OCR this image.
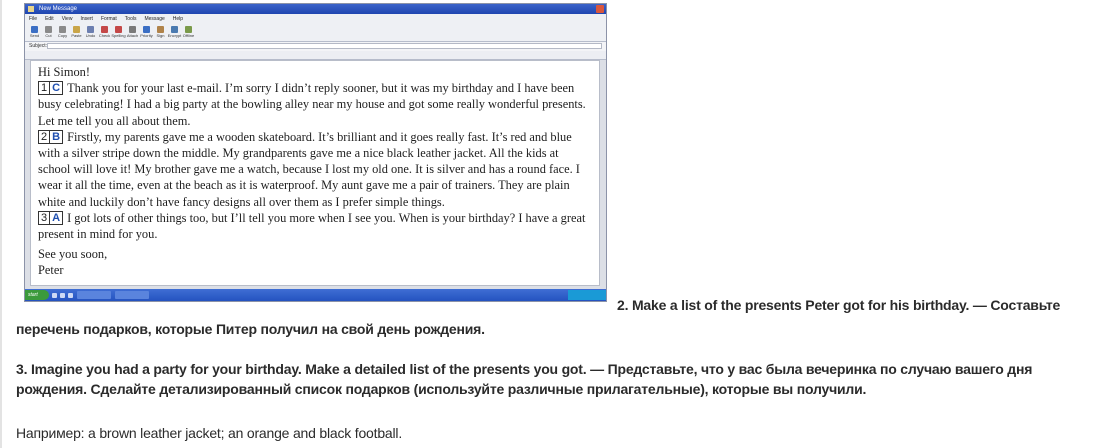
New Message
File Edit View Insert Format Tools Message Help
Send Cut Copy Paste Undo Check Spelling Attach Priority Sign Encrypt Offline
Subject:

Hi Simon!

1 C Thank you for your last e-mail. I’m sorry I didn’t reply sooner, but it was my birthday and I have been busy celebrating! I had a big party at the bowling alley near my house and got some really wonderful presents. Let me tell you all about them.

2 B Firstly, my parents gave me a wooden skateboard. It’s brilliant and it goes really fast. It’s red and blue with a silver stripe down the middle. My grandparents gave me a nice black leather jacket. All the kids at school will love it! My brother gave me a watch, because I lost my old one. It is silver and has a round face. I wear it all the time, even at the beach as it is waterproof. My aunt gave me a pair of trainers. They are plain white and luckily don’t have fancy designs all over them as I prefer simple things.

3 A I got lots of other things too, but I’ll tell you more when I see you. When is your birthday? I have a great present in mind for you.

See you soon,

Peter

start
2. Make a list of the presents Peter got for his birthday. — Составьте
перечень подарков, которые Питер получил на свой день рождения.
3. Imagine you had a party for your birthday. Make a detailed list of the presents you got. — Представьте, что у вас была вечеринка по случаю вашего дня рождения. Сделайте детализированный список подарков (используйте различные прилагательные), которые вы получили.
Например: a brown leather jacket; an orange and black football.
